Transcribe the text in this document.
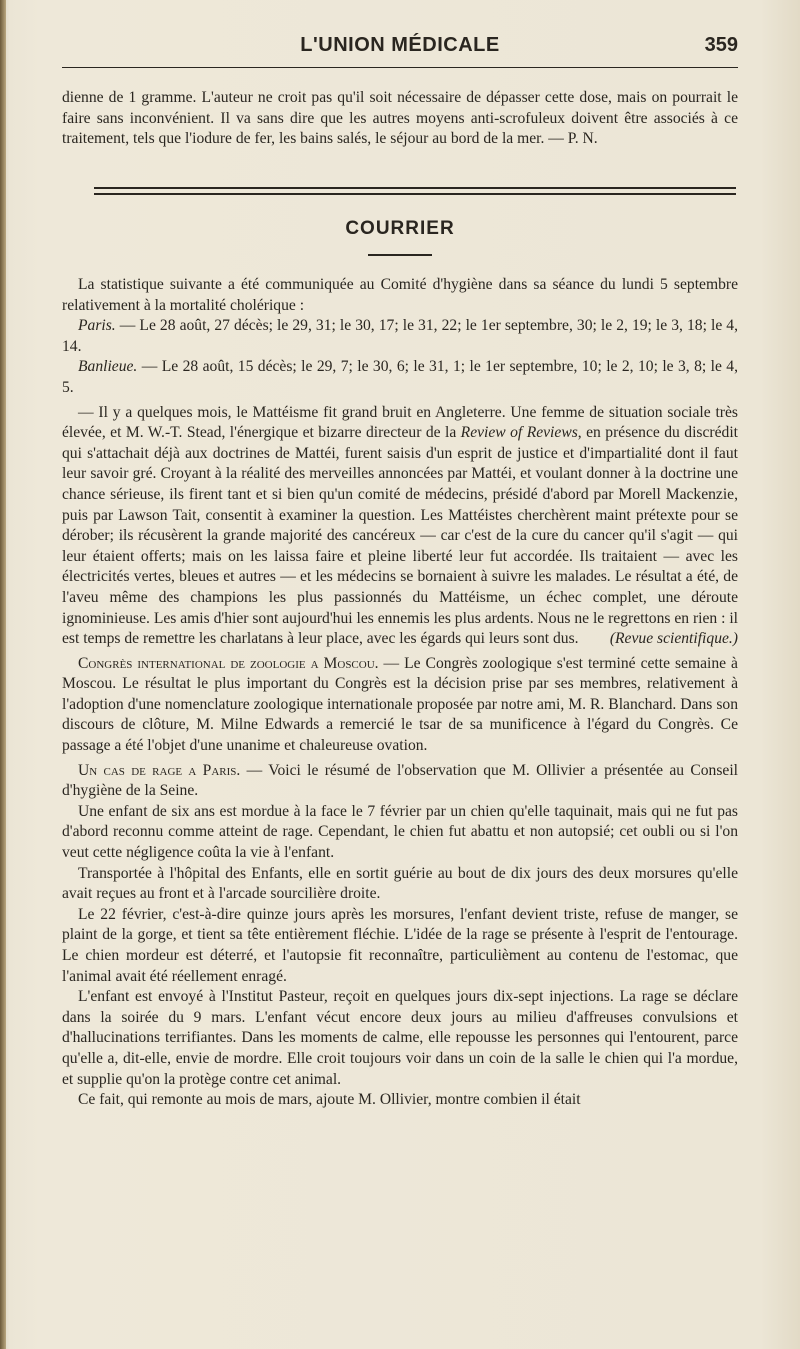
L'UNION MÉDICALE	359

dienne de 1 gramme. L'auteur ne croit pas qu'il soit nécessaire de dépasser cette dose, mais on pourrait le faire sans inconvénient. Il va sans dire que les autres moyens anti-scrofuleux doivent être associés à ce traitement, tels que l'iodure de fer, les bains salés, le séjour au bord de la mer. — P. N.

COURRIER

La statistique suivante a été communiquée au Comité d'hygiène dans sa séance du lundi 5 septembre relativement à la mortalité cholérique :

Paris. — Le 28 août, 27 décès; le 29, 31; le 30, 17; le 31, 22; le 1er septembre, 30; le 2, 19; le 3, 18; le 4, 14.

Banlieue. — Le 28 août, 15 décès; le 29, 7; le 30, 6; le 31, 1; le 1er septembre, 10; le 2, 10; le 3, 8; le 4, 5.

— Il y a quelques mois, le Mattéisme fit grand bruit en Angleterre. Une femme de situation sociale très élevée, et M. W.-T. Stead, l'énergique et bizarre directeur de la Review of Reviews, en présence du discrédit qui s'attachait déjà aux doctrines de Mattéi, furent saisis d'un esprit de justice et d'impartialité dont il faut leur savoir gré. Croyant à la réalité des merveilles annoncées par Mattéi, et voulant donner à la doctrine une chance sérieuse, ils firent tant et si bien qu'un comité de médecins, présidé d'abord par Morell Mackenzie, puis par Lawson Tait, consentit à examiner la question. Les Mattéistes cherchèrent maint prétexte pour se dérober; ils récusèrent la grande majorité des cancéreux — car c'est de la cure du cancer qu'il s'agit — qui leur étaient offerts; mais on les laissa faire et pleine liberté leur fut accordée. Ils traitaient — avec les électricités vertes, bleues et autres — et les médecins se bornaient à suivre les malades. Le résultat a été, de l'aveu même des champions les plus passionnés du Mattéisme, un échec complet, une déroute ignominieuse. Les amis d'hier sont aujourd'hui les ennemis les plus ardents. Nous ne le regrettons en rien : il est temps de remettre les charlatans à leur place, avec les égards qui leurs sont dus.	(Revue scientifique.)

Congrès international de zoologie a Moscou. — Le Congrès zoologique s'est terminé cette semaine à Moscou. Le résultat le plus important du Congrès est la décision prise par ses membres, relativement à l'adoption d'une nomenclature zoologique internationale proposée par notre ami, M. R. Blanchard. Dans son discours de clôture, M. Milne Edwards a remercié le tsar de sa munificence à l'égard du Congrès. Ce passage a été l'objet d'une unanime et chaleureuse ovation.

Un cas de rage a Paris. — Voici le résumé de l'observation que M. Ollivier a présentée au Conseil d'hygiène de la Seine.

Une enfant de six ans est mordue à la face le 7 février par un chien qu'elle taquinait, mais qui ne fut pas d'abord reconnu comme atteint de rage. Cependant, le chien fut abattu et non autopsié; cet oubli ou si l'on veut cette négligence coûta la vie à l'enfant.

Transportée à l'hôpital des Enfants, elle en sortit guérie au bout de dix jours des deux morsures qu'elle avait reçues au front et à l'arcade sourcilière droite.

Le 22 février, c'est-à-dire quinze jours après les morsures, l'enfant devient triste, refuse de manger, se plaint de la gorge, et tient sa tête entièrement fléchie. L'idée de la rage se présente à l'esprit de l'entourage. Le chien mordeur est déterré, et l'autopsie fit reconnaître, particulièment au contenu de l'estomac, que l'animal avait été réellement enragé.

L'enfant est envoyé à l'Institut Pasteur, reçoit en quelques jours dix-sept injections. La rage se déclare dans la soirée du 9 mars. L'enfant vécut encore deux jours au milieu d'affreuses convulsions et d'hallucinations terrifiantes. Dans les moments de calme, elle repousse les personnes qui l'entourent, parce qu'elle a, dit-elle, envie de mordre. Elle croit toujours voir dans un coin de la salle le chien qui l'a mordue, et supplie qu'on la protège contre cet animal.

Ce fait, qui remonte au mois de mars, ajoute M. Ollivier, montre combien il était
